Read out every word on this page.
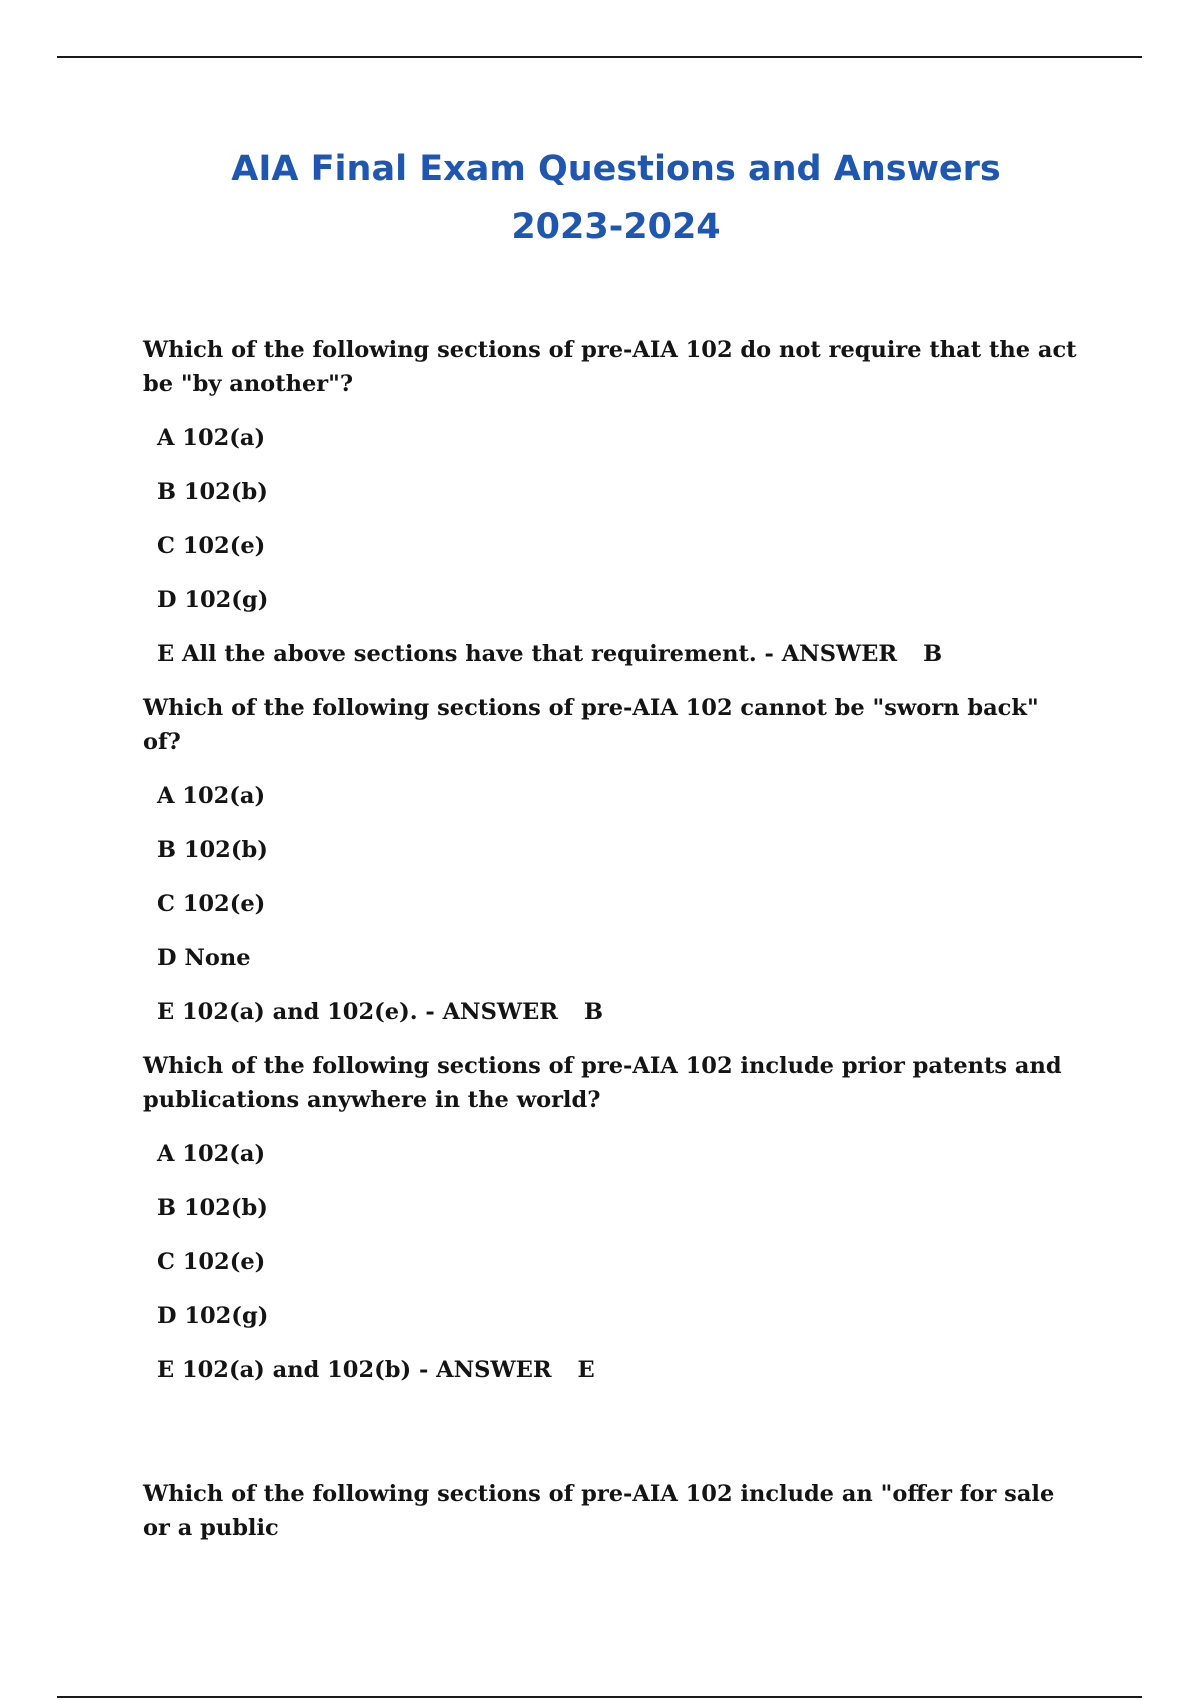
AIA Final Exam Questions and Answers
2023-2024

Which of the following sections of pre-AIA 102 do not require that the act be "by another"?

A 102(a)

B 102(b)

C 102(e)

D 102(g)

E All the above sections have that requirement. - ANSWER B

Which of the following sections of pre-AIA 102 cannot be "sworn back" of?

A 102(a)

B 102(b)

C 102(e)

D None

E 102(a) and 102(e). - ANSWER B

Which of the following sections of pre-AIA 102 include prior patents and publications anywhere in the world?

A 102(a)

B 102(b)

C 102(e)

D 102(g)

E 102(a) and 102(b) - ANSWER E

Which of the following sections of pre-AIA 102 include an "offer for sale or a public
